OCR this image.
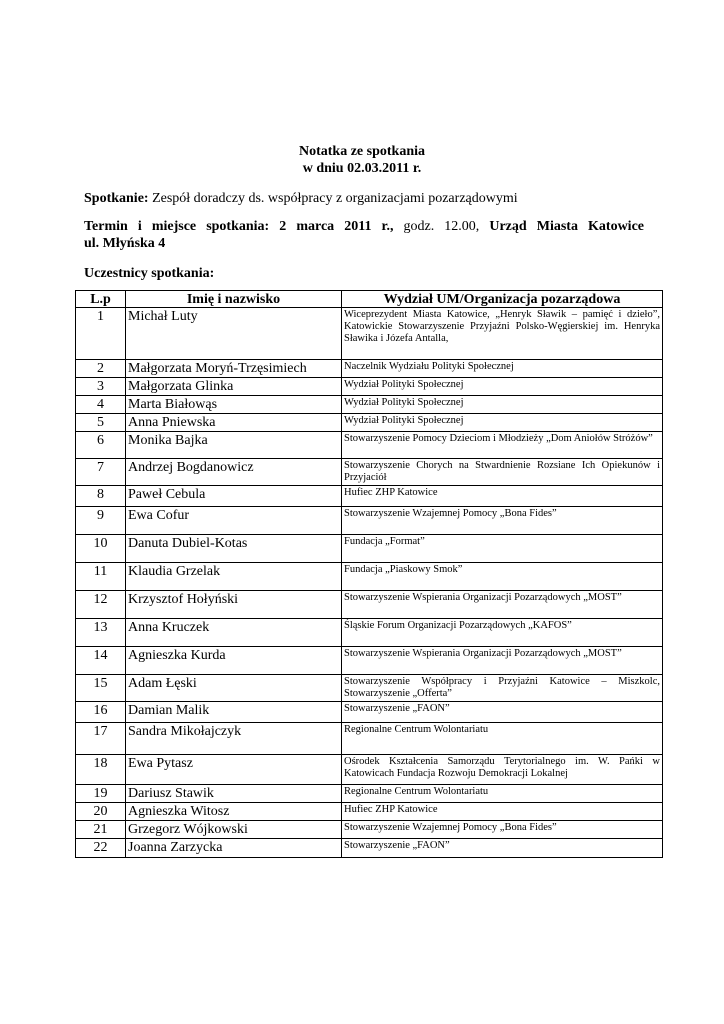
Notatka ze spotkania
w dniu 02.03.2011 r.
Spotkanie: Zespół doradczy ds. współpracy z organizacjami pozarządowymi
Termin i miejsce spotkania: 2 marca 2011 r., godz. 12.00, Urząd Miasta Katowice
ul. Młyńska 4
Uczestnicy spotkania:
L.p	Imię i nazwisko	Wydział UM/Organizacja pozarządowa
1	Michał Luty	Wiceprezydent Miasta Katowice, „Henryk Sławik – pamięć i dzieło”, Katowickie Stowarzyszenie Przyjaźni Polsko-Węgierskiej im. Henryka Sławika i Józefa Antalla,
2	Małgorzata Moryń-Trzęsimiech	Naczelnik Wydziału Polityki Społecznej
3	Małgorzata Glinka	Wydział Polityki Społecznej
4	Marta Białowąs	Wydział Polityki Społecznej
5	Anna Pniewska	Wydział Polityki Społecznej
6	Monika Bajka	Stowarzyszenie Pomocy Dzieciom i Młodzieży „Dom Aniołów Stróżów”
7	Andrzej Bogdanowicz	Stowarzyszenie Chorych na Stwardnienie Rozsiane Ich Opiekunów i Przyjaciół
8	Paweł Cebula	Hufiec ZHP Katowice
9	Ewa Cofur	Stowarzyszenie Wzajemnej Pomocy „Bona Fides”
10	Danuta Dubiel-Kotas	Fundacja „Format”
11	Klaudia Grzelak	Fundacja „Piaskowy Smok”
12	Krzysztof Hołyński	Stowarzyszenie Wspierania Organizacji Pozarządowych „MOST”
13	Anna Kruczek	Śląskie Forum Organizacji Pozarządowych „KAFOS”
14	Agnieszka Kurda	Stowarzyszenie Wspierania Organizacji Pozarządowych „MOST”
15	Adam Łęski	Stowarzyszenie Współpracy i Przyjaźni Katowice – Miszkolc, Stowarzyszenie „Offerta”
16	Damian Malik	Stowarzyszenie „FAON”
17	Sandra Mikołajczyk	Regionalne Centrum Wolontariatu
18	Ewa Pytasz	Ośrodek Kształcenia Samorządu Terytorialnego im. W. Pańki w Katowicach Fundacja Rozwoju Demokracji Lokalnej
19	Dariusz Stawik	Regionalne Centrum Wolontariatu
20	Agnieszka Witosz	Hufiec ZHP Katowice
21	Grzegorz Wójkowski	Stowarzyszenie Wzajemnej Pomocy „Bona Fides”
22	Joanna Zarzycka	Stowarzyszenie „FAON”
